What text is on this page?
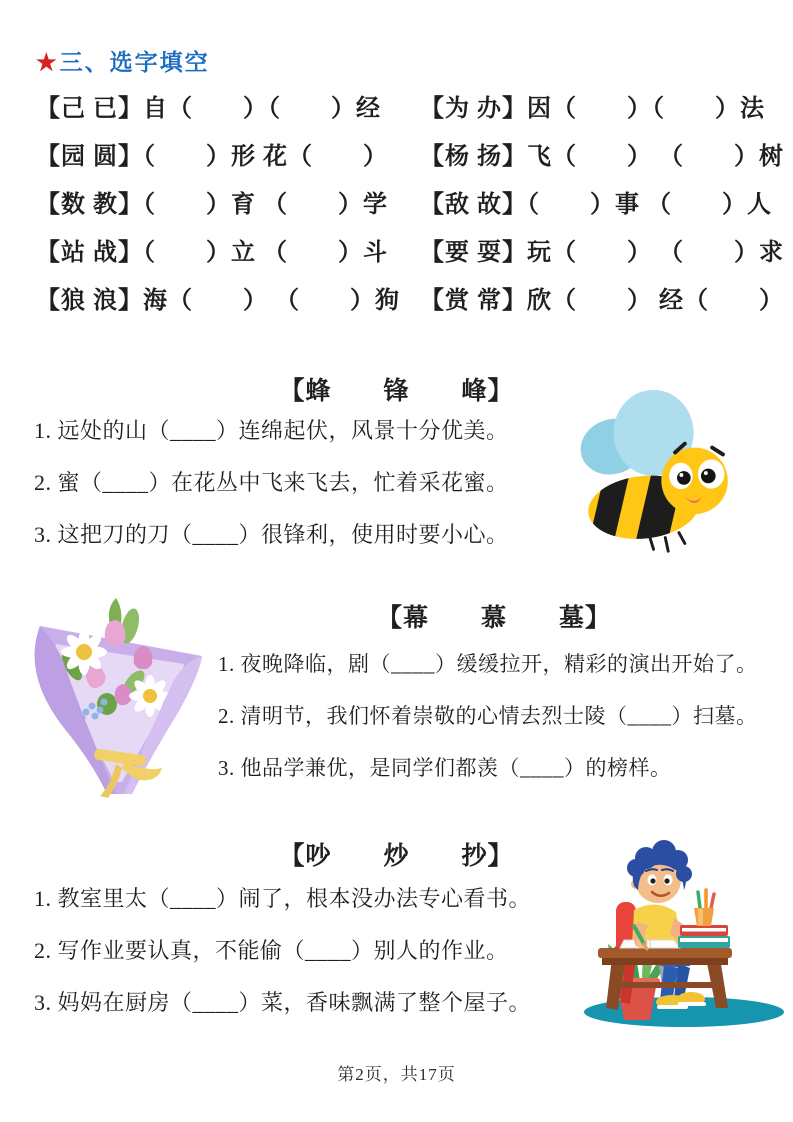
★ 三、选字填空
【己 已】自（　　）（　　）经	【为 办】因（　　）（　　）法
【园 圆】（　　）形 花（　　）	【杨 扬】飞（　　） （　　）树
【数 教】（　　）育 （　　）学	【敌 故】（　　）事 （　　）人
【站 战】（　　）立 （　　）斗	【要 耍】玩（　　） （　　）求
【狼 浪】海（　　） （　　）狗 【赏 常】欣（　　） 经（　　）
【蜂　　锋　　峰】
1. 远处的山（____）连绵起伏，风景十分优美。
2. 蜜（____）在花丛中飞来飞去，忙着采花蜜。
3. 这把刀的刀（____）很锋利，使用时要小心。
【幕　　慕　　墓】
1. 夜晚降临，剧（____）缓缓拉开，精彩的演出开始了。
2. 清明节，我们怀着崇敬的心情去烈士陵（____）扫墓。
3. 他品学兼优，是同学们都羡（____）的榜样。
【吵　　炒　　抄】
1. 教室里太（____）闹了，根本没办法专心看书。
2. 写作业要认真，不能偷（____）别人的作业。
3. 妈妈在厨房（____）菜，香味飘满了整个屋子。
第2页，共17页
